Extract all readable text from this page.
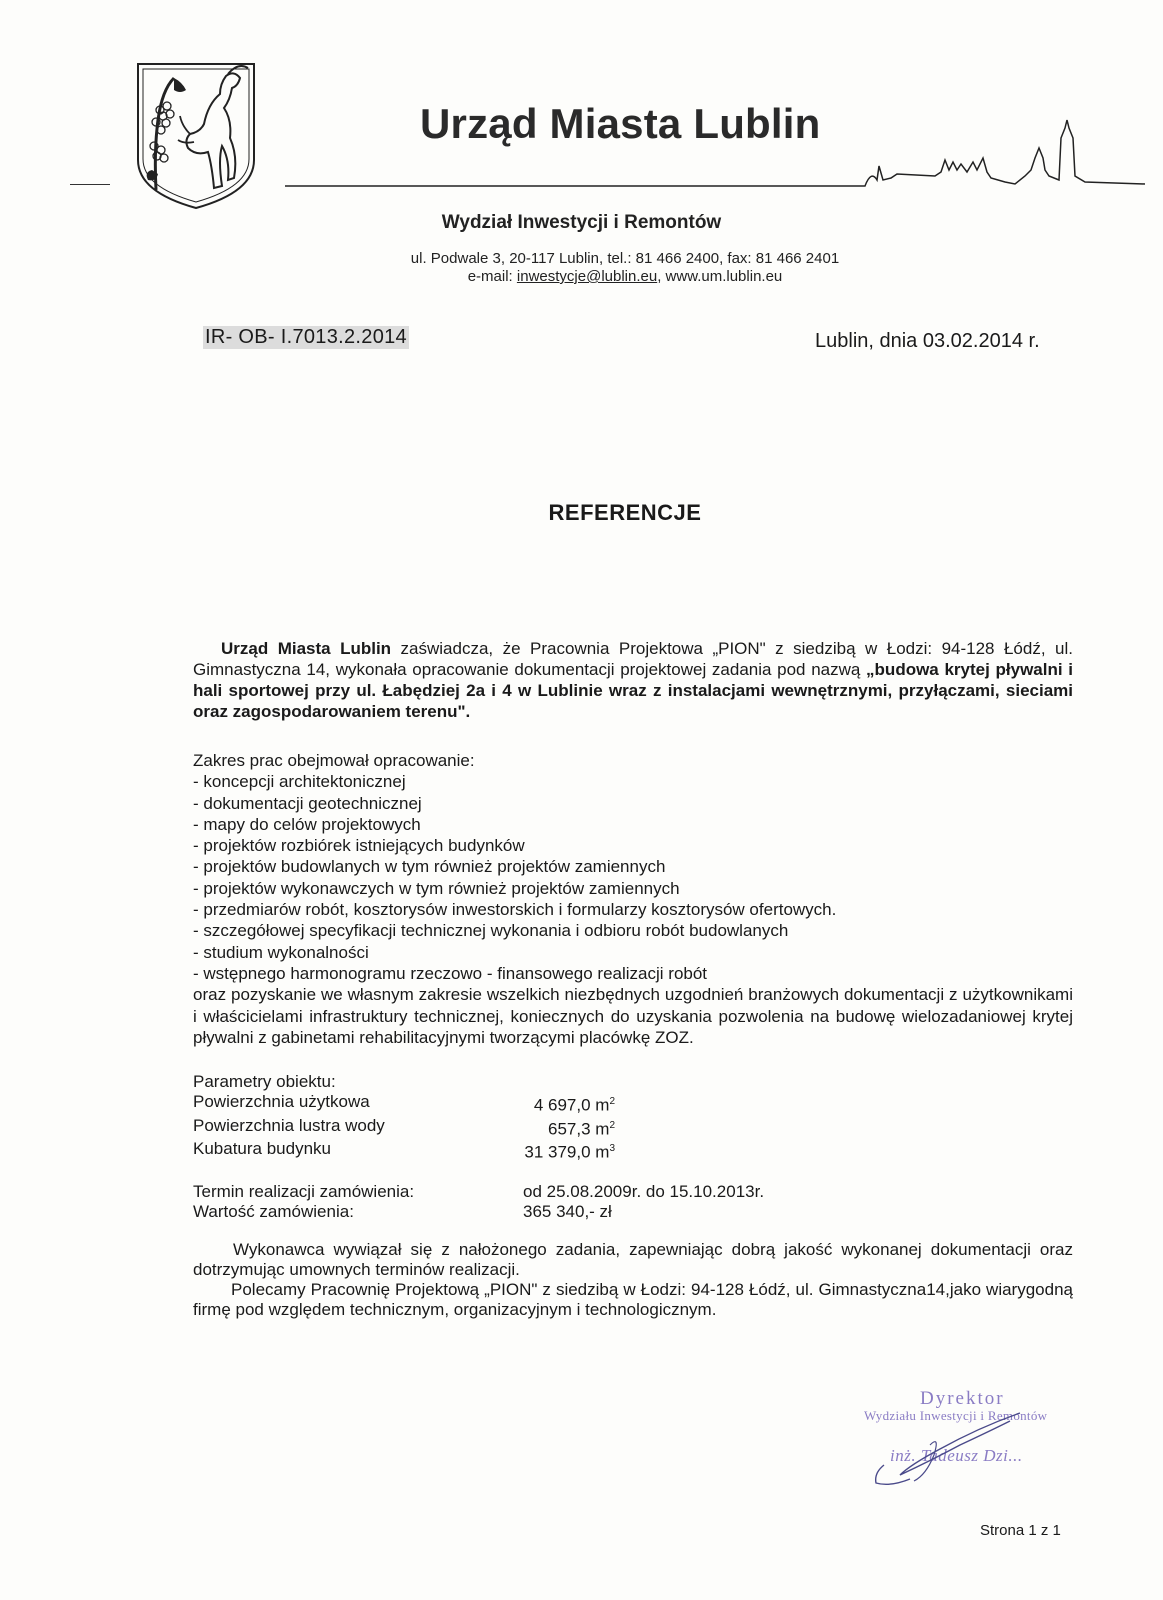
Urząd Miasta Lublin
Wydział Inwestycji i Remontów
ul. Podwale 3, 20-117 Lublin, tel.: 81 466 2400, fax: 81 466 2401
e-mail: inwestycje@lublin.eu, www.um.lublin.eu
IR- OB- I.7013.2.2014	Lublin, dnia 03.02.2014 r.
REFERENCJE
Urząd Miasta Lublin zaświadcza, że Pracownia Projektowa „PION" z siedzibą w Łodzi: 94-128 Łódź, ul. Gimnastyczna 14, wykonała opracowanie dokumentacji projektowej zadania pod nazwą „budowa krytej pływalni i hali sportowej przy ul. Łabędziej 2a i 4 w Lublinie wraz z instalacjami wewnętrznymi, przyłączami, sieciami oraz zagospodarowaniem terenu".
Zakres prac obejmował opracowanie:
- koncepcji architektonicznej
- dokumentacji geotechnicznej
- mapy do celów projektowych
- projektów rozbiórek istniejących budynków
- projektów budowlanych w tym również projektów zamiennych
- projektów wykonawczych w tym również projektów zamiennych
- przedmiarów robót, kosztorysów inwestorskich i formularzy kosztorysów ofertowych.
- szczegółowej specyfikacji technicznej wykonania i odbioru robót budowlanych
- studium wykonalności
- wstępnego harmonogramu rzeczowo - finansowego realizacji robót
oraz pozyskanie we własnym zakresie wszelkich niezbędnych uzgodnień branżowych dokumentacji z użytkownikami i właścicielami infrastruktury technicznej, koniecznych do uzyskania pozwolenia na budowę wielozadaniowej krytej pływalni z gabinetami rehabilitacyjnymi tworzącymi placówkę ZOZ.
Parametry obiektu:
Powierzchnia użytkowa	4 697,0 $m^2$
Powierzchnia lustra wody	657,3 $m^2$
Kubatura budynku	31 379,0 $m^3$
Termin realizacji zamówienia:	od 25.08.2009r. do 15.10.2013r.
Wartość zamówienia:	365 340,- zł

Wykonawca wywiązał się z nałożonego zadania, zapewniając dobrą jakość wykonanej dokumentacji oraz dotrzymując umownych terminów realizacji.

Polecamy Pracownię Projektową „PION" z siedzibą w Łodzi: 94-128 Łódź, ul. Gimnastyczna14,jako wiarygodną firmę pod względem technicznym, organizacyjnym i technologicznym.

Dyrektor
Wydziału Inwestycji i Remontów
inż. Tadeusz Dzi...
Strona 1 z 1
